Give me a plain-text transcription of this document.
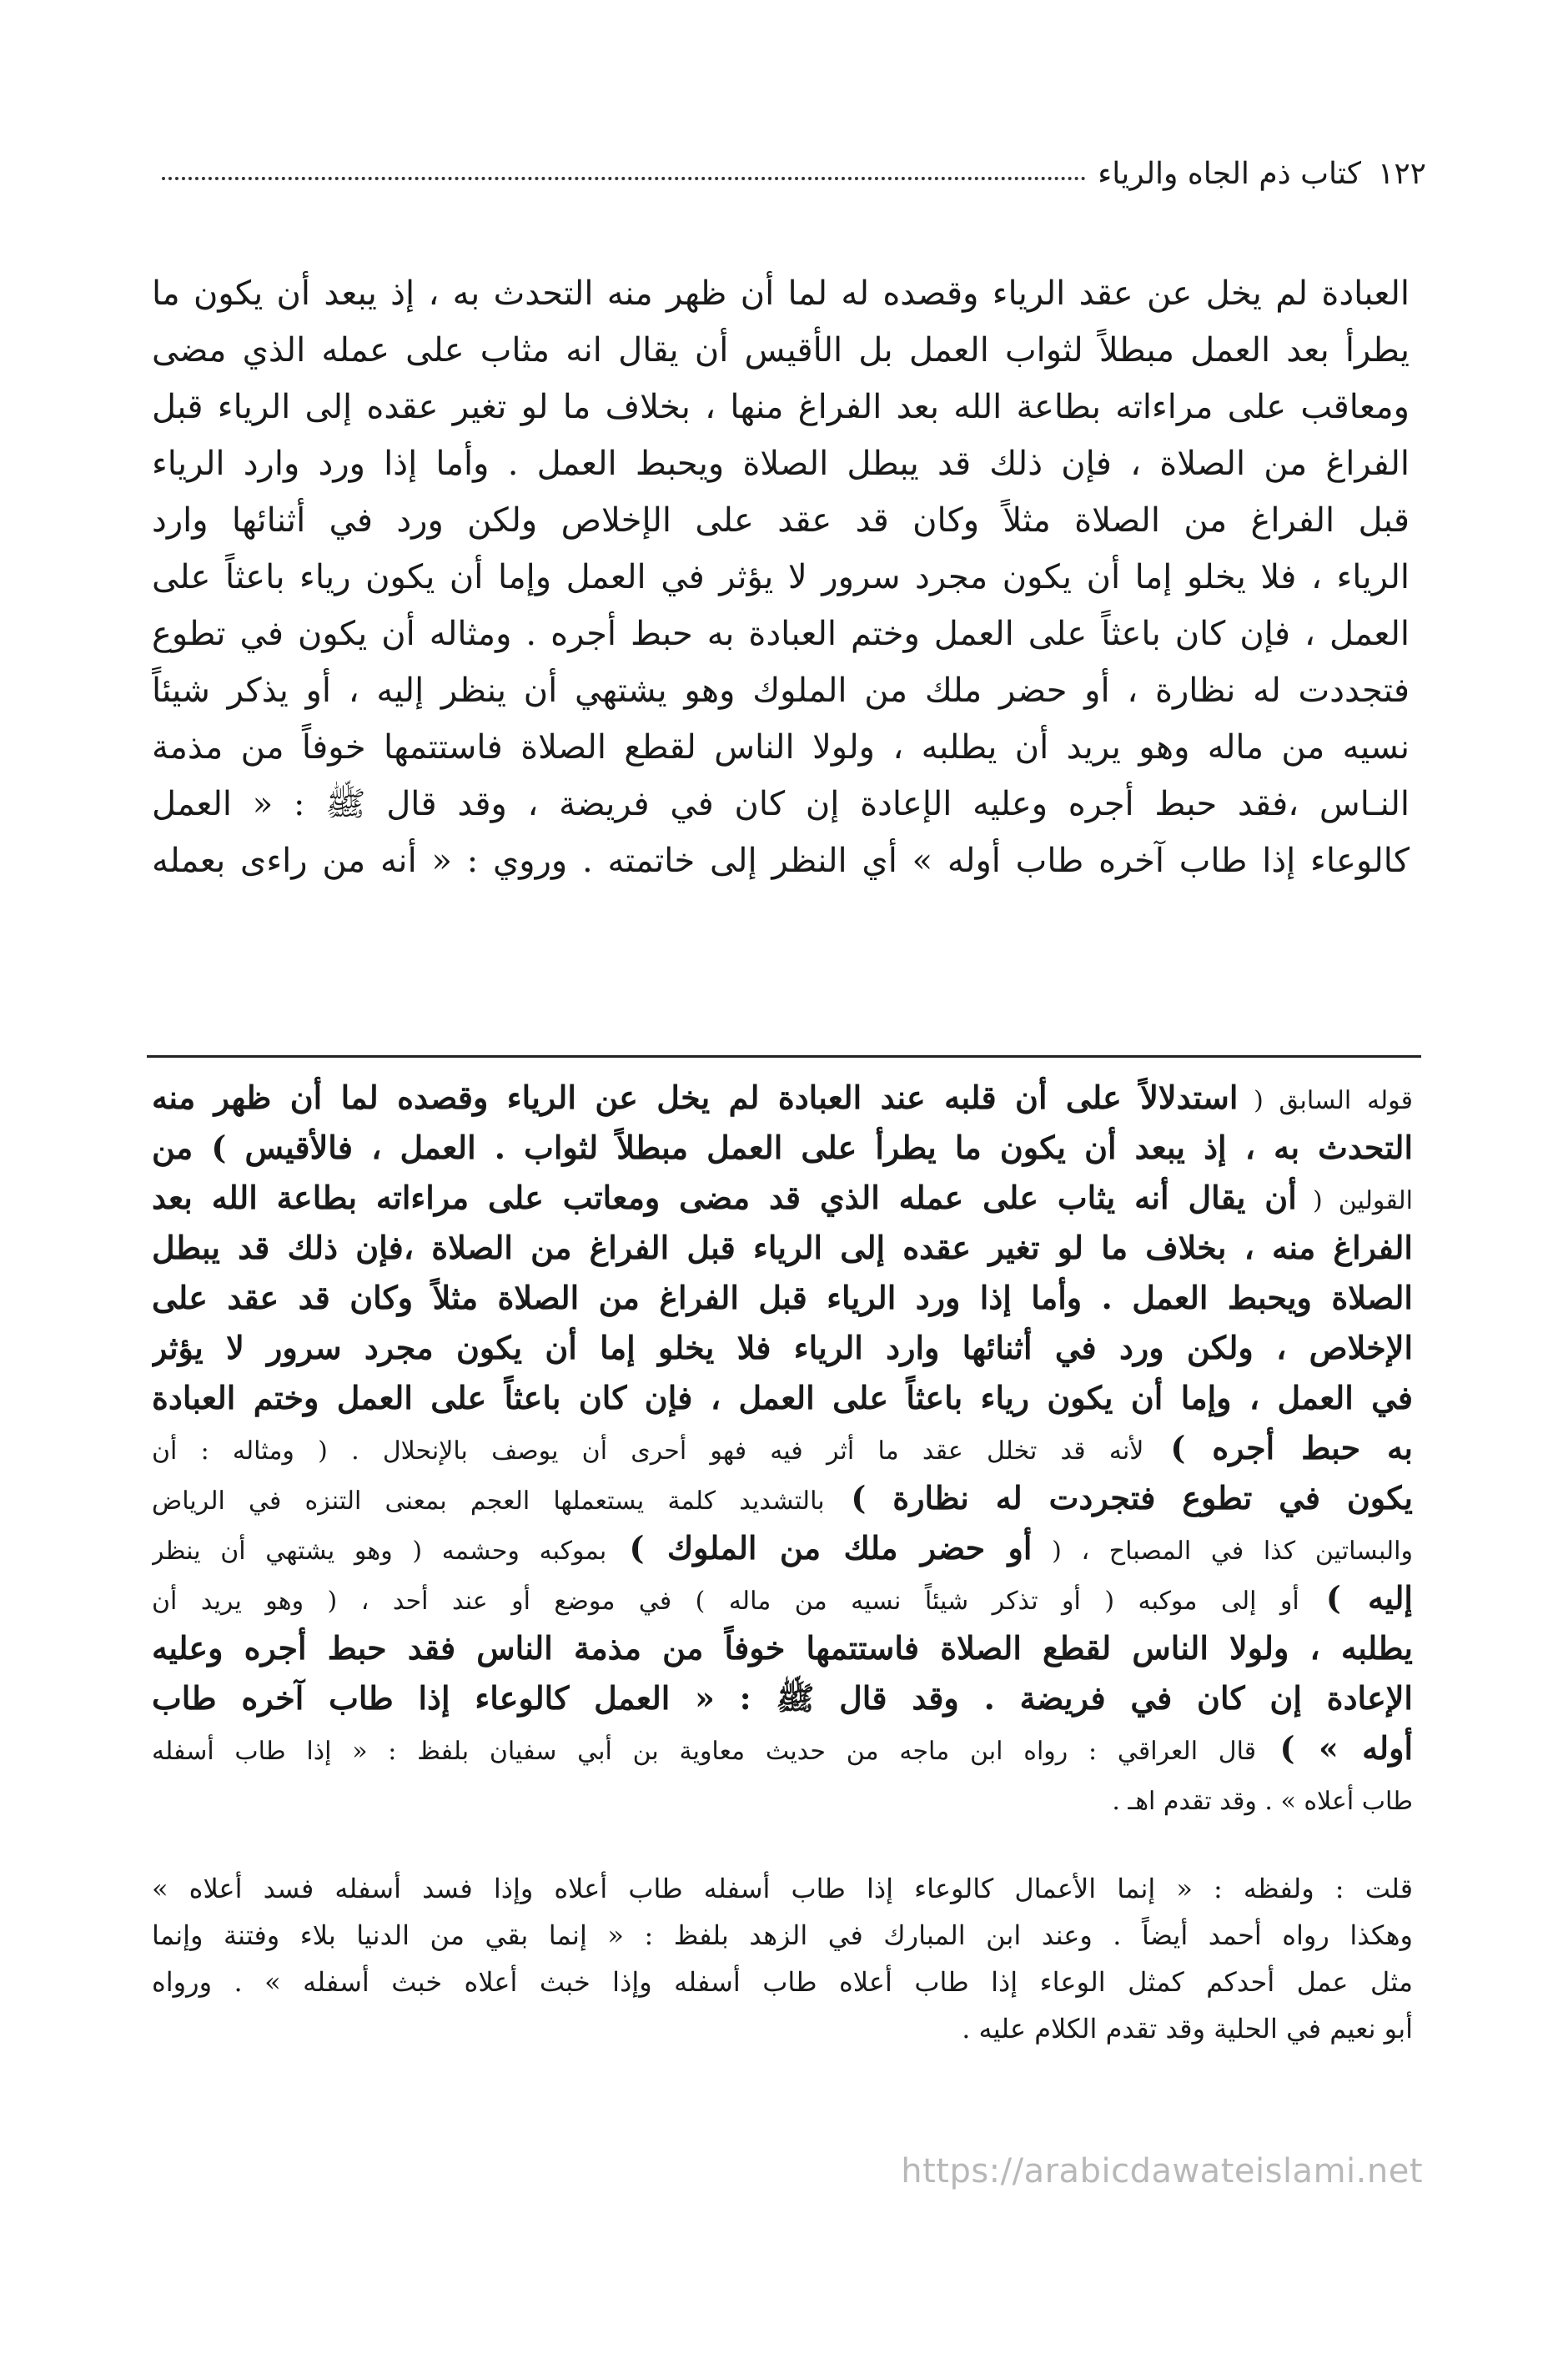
١٢٢
كتاب ذم الجاه والرياء
العبادة لم يخل عن عقد الرياء وقصده له لما أن ظهر منه التحدث به ، إذ يبعد أن يكون ما
يطرأ بعد العمل مبطلاً لثواب العمل بل الأقيس أن يقال انه مثاب على عمله الذي مضى
ومعاقب على مراءاته بطاعة الله بعد الفراغ منها ، بخلاف ما لو تغير عقده إلى الرياء قبل
الفراغ من الصلاة ، فإن ذلك قد يبطل الصلاة ويحبط العمل . وأما إذا ورد وارد الرياء
قبل الفراغ من الصلاة مثلاً وكان قد عقد على الإخلاص ولكن ورد في أثنائها وارد
الرياء ، فلا يخلو إما أن يكون مجرد سرور لا يؤثر في العمل وإما أن يكون رياء باعثاً على
العمل ، فإن كان باعثاً على العمل وختم العبادة به حبط أجره . ومثاله أن يكون في تطوع
فتجددت له نظارة ، أو حضر ملك من الملوك وهو يشتهي أن ينظر إليه ، أو يذكر شيئاً
نسيه من ماله وهو يريد أن يطلبه ، ولولا الناس لقطع الصلاة فاستتمها خوفاً من مذمة
النـاس ،فقد حبط أجره وعليه الإعادة إن كان في فريضة ، وقد قال ﷺ : « العمل
كالوعاء إذا طاب آخره طاب أوله » أي النظر إلى خاتمته . وروي : « أنه من راءى بعمله
قوله السابق ( استدلالاً على أن قلبه عند العبادة لم يخل عن الرياء وقصده لما أن ظهر منه
التحدث به ، إذ يبعد أن يكون ما يطرأ على العمل مبطلاً لثواب . العمل ، فالأقيس ) من
القولين ( أن يقال أنه يثاب على عمله الذي قد مضى ومعاتب على مراءاته بطاعة الله بعد
الفراغ منه ، بخلاف ما لو تغير عقده إلى الرياء قبل الفراغ من الصلاة ،فإن ذلك قد يبطل
الصلاة ويحبط العمل . وأما إذا ورد الرياء قبل الفراغ من الصلاة مثلاً وكان قد عقد على
الإخلاص ، ولكن ورد في أثنائها وارد الرياء فلا يخلو إما أن يكون مجرد سرور لا يؤثر
في العمل ، وإما أن يكون رياء باعثاً على العمل ، فإن كان باعثاً على العمل وختم العبادة
به حبط أجره ) لأنه قد تخلل عقد ما أثر فيه فهو أحرى أن يوصف بالإنحلال . ( ومثاله : أن
يكون في تطوع فتجردت له نظارة ) بالتشديد كلمة يستعملها العجم بمعنى التنزه في الرياض
والبساتين كذا في المصباح ، ( أو حضر ملك من الملوك ) بموكبه وحشمه ( وهو يشتهي أن ينظر
إليه ) أو إلى موكبه ( أو تذكر شيئاً نسيه من ماله ) في موضع أو عند أحد ، ( وهو يريد أن
يطلبه ، ولولا الناس لقطع الصلاة فاستتمها خوفاً من مذمة الناس فقد حبط أجره وعليه
الإعادة إن كان في فريضة . وقد قال ﷺ : « العمل كالوعاء إذا طاب آخره طاب
أوله » ) قال العراقي : رواه ابن ماجه من حديث معاوية بن أبي سفيان بلفظ : « إذا طاب أسفله
طاب أعلاه » . وقد تقدم اهـ .
قلت : ولفظه : « إنما الأعمال كالوعاء إذا طاب أسفله طاب أعلاه وإذا فسد أسفله فسد أعلاه »
وهكذا رواه أحمد أيضاً . وعند ابن المبارك في الزهد بلفظ : « إنما بقي من الدنيا بلاء وفتنة وإنما
مثل عمل أحدكم كمثل الوعاء إذا طاب أعلاه طاب أسفله وإذا خبث أعلاه خبث أسفله » . ورواه
أبو نعيم في الحلية وقد تقدم الكلام عليه .
https://arabicdawateislami.net
